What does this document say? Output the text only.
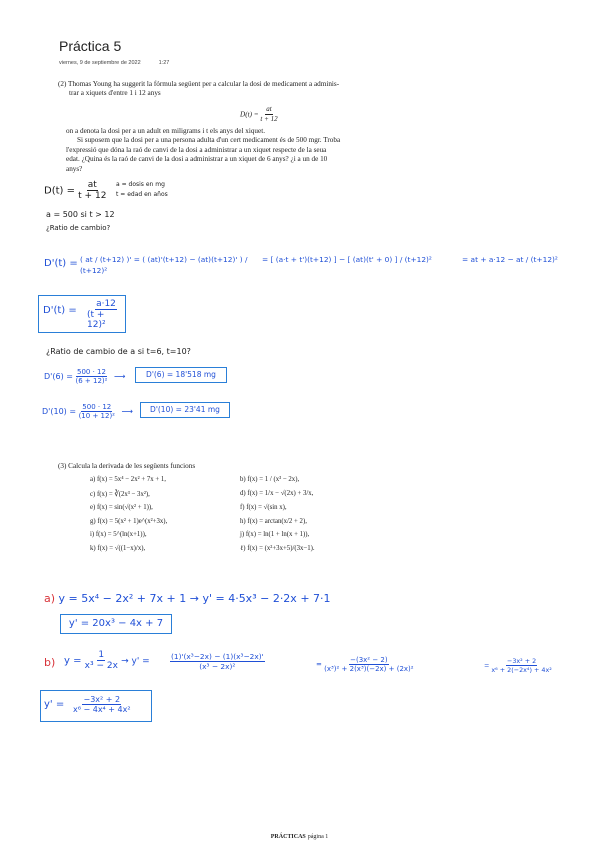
Práctica 5
viernes, 9 de septiembre de 2022	1:27
(2) Thomas Young ha suggerit la fórmula següent per a calcular la dosi de medicament a adminis-
trar a xiquets d'entre 1 i 12 anys
$D(t) = \frac{at}{t + 12}$
on a denota la dosi per a un adult en miligrams i t els anys del xiquet.
Si suposem que la dosi per a una persona adulta d'un cert medicament és de 500 mgr. Troba
l'expressió que dóna la raó de canvi de la dosi a administrar a un xiquet respecte de la seua
edat. ¿Quina és la raó de canvi de la dosi a administrar a un xiquet de 6 anys? ¿i a un de 10
anys?
$D(t) = \frac{at}{t + 12}$ a = dosis en mg
t = edad en años
a = 500 si t > 12
¿Ratio de cambio?
D'(t) = ( at / (t+12) )' = ( (at)'(t+12) − (at)(t+12)' ) / (t+12)²
= [ (a·t + t')(t+12) ] − [ (at)(t' + 0) ] / (t+12)²	= at + a·12 − at / (t+12)²
$D'(t) = \frac{a\cdot 12}{\text{(t + 12)²}}$
¿Ratio de cambio de a si t=6, t=10?
$D'(6) = \frac{500 \cdot 12}{\text{(6 + 12)²}}$ ⟶	D'(6) = 18'518 mg
$D'(10) = \frac{500 \cdot 12}{\text{(10 + 12)²}}$ ⟶	D'(10) = 23'41 mg
(3) Calcula la derivada de les següents funcions
a) f(x) = 5x⁴ − 2x² + 7x + 1,	b) f(x) = 1 / (x³ − 2x),
c) f(x) = ∛(2x³ − 3x²),	d) f(x) = 1/x − √(2x) + 3/x,
e) f(x) = sin(√(x² + 1)),	f) f(x) = √(sin x),
g) f(x) = 5(x² + 1)e^(x²+3x),	h) f(x) = arctan(x/2 + 2),
i) f(x) = 5^(ln(x+1)),	j) f(x) = ln(1 + ln(x + 1)),
k) f(x) = √((1−x)/x),	ℓ) f(x) = (x²+3x+5)/(3x−1).
a) y = 5x⁴ − 2x² + 7x + 1 → y' = 4·5x³ − 2·2x + 7·1
y' = 20x³ − 4x + 7
b) $y = \frac{1}{\text{x³ − 2x}} \to y'$ =	$\frac{\text{(1)'(x³−2x) − (1)(x³−2x)'}}{\text{(x³ − 2x)²}}$	= $\frac{\text{−(3x² − 2)}}{\text{(x³)² + 2(x³)(−2x) + (2x)²}}$	= $\frac{\text{−3x² + 2}}{\text{x⁶ + 2(−2x⁴) + 4x²}}$
$y' = \frac{\text{−3x² + 2}}{\text{x⁶ − 4x⁴ + 4x²}}$
PRÁCTICAS página 1
